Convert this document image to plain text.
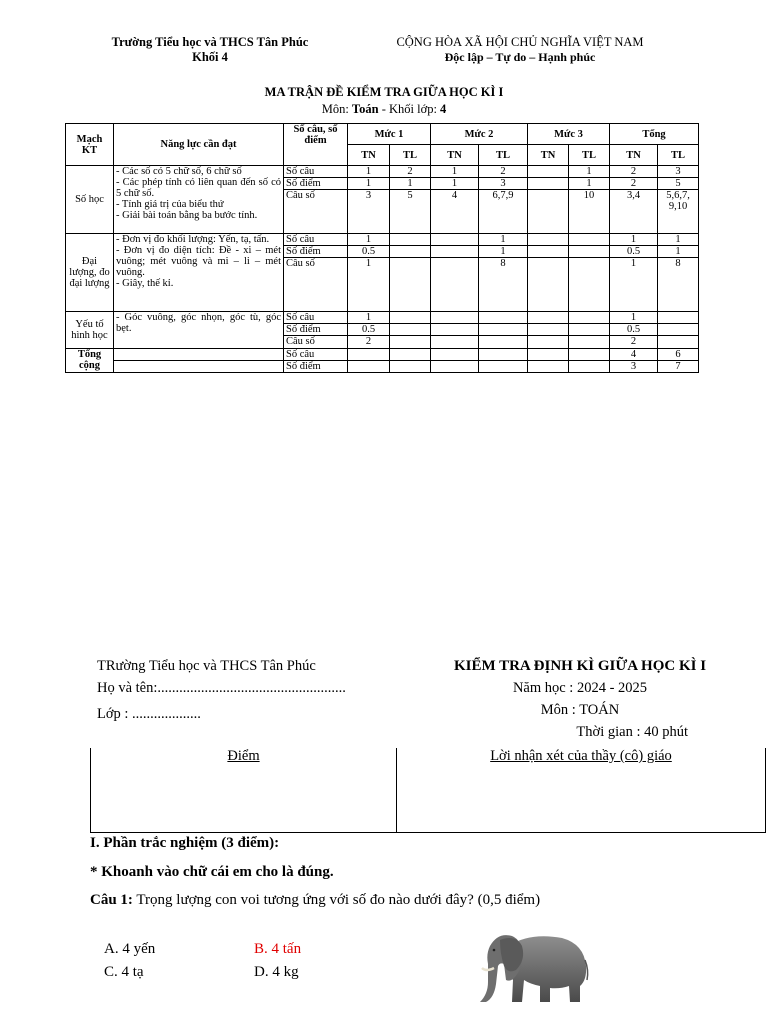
Trường Tiểu học và THCS Tân Phúc
Khối 4
CỘNG HÒA XÃ HỘI CHỦ NGHĨA VIỆT NAM
Độc lập – Tự do – Hạnh phúc
MA TRẬN ĐỀ KIỂM TRA GIỮA HỌC KÌ I
Môn: Toán - Khối lớp: 4
Mạch KT	Năng lực cần đạt	Số câu, số điểm	Mức 1		Mức 2		Mức 3		Tổng	
			TN	TL	TN	TL	TN	TL	TN	TL
Số học	- Các số có 5 chữ số, 6 chữ số
- Các phép tính có liên quan đến số có 5 chữ số.
- Tính giá trị của biểu thứ
- Giải bài toán bằng ba bước tính.	Số câu	1	2	1	2		1	2	3
		Số điểm	1	1	1	3		1	2	5
		Câu số	3	5	4	6,7,9		10	3,4	5,6,7, 9,10
Đại lượng, đo đại lượng	- Đơn vị đo khối lượng: Yến, tạ, tấn.
- Đơn vị đo diện tích: Đề - xi – mét vuông; mét vuông và mi – li – mét vuông.
- Giây, thế kỉ.	Số câu	1			1			1	1
		Số điểm	0.5			1			0.5	1
		Câu số	1			8			1	8
Yếu tố hình học	- Góc vuông, góc nhọn, góc tù, góc bẹt.	Số câu	1						1	
		Số điểm	0.5						0.5	
		Câu số	2						2	
Tổng cộng		Số câu							4	6
		Số điểm							3	7
TRường Tiểu học và THCS Tân Phúc
Họ và tên:....................................................
Lớp : ...................
KIỂM TRA ĐỊNH KÌ GIỮA HỌC KÌ I
Năm học : 2024 - 2025
Môn : TOÁN
Thời gian : 40 phút
Điểm	Lời nhận xét của thầy (cô) giáo
I. Phần trắc nghiệm (3 điểm):
* Khoanh vào chữ cái em cho là đúng.
Câu 1: Trọng lượng con voi tương ứng với số đo nào dưới đây? (0,5 điểm)
A. 4 yến	B. 4 tấn
C. 4 tạ	D. 4 kg
